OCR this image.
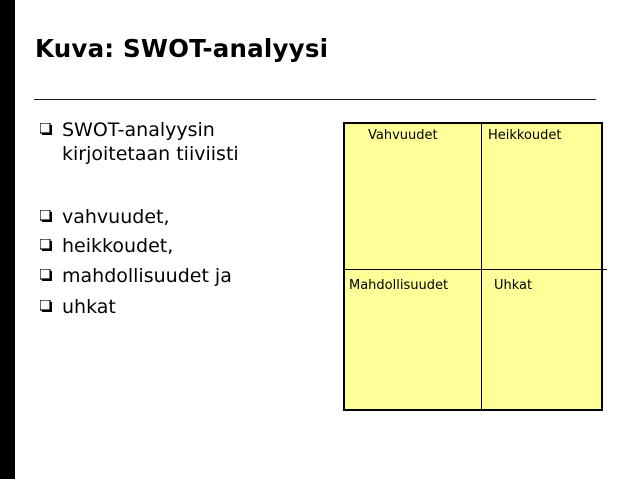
Kuva: SWOT-analyysi
SWOT-analyysin
kirjoitetaan tiiviisti
vahvuudet,
heikkoudet,
mahdollisuudet ja
uhkat
Vahvuudet	Heikkoudet
Mahdollisuudet	Uhkat
